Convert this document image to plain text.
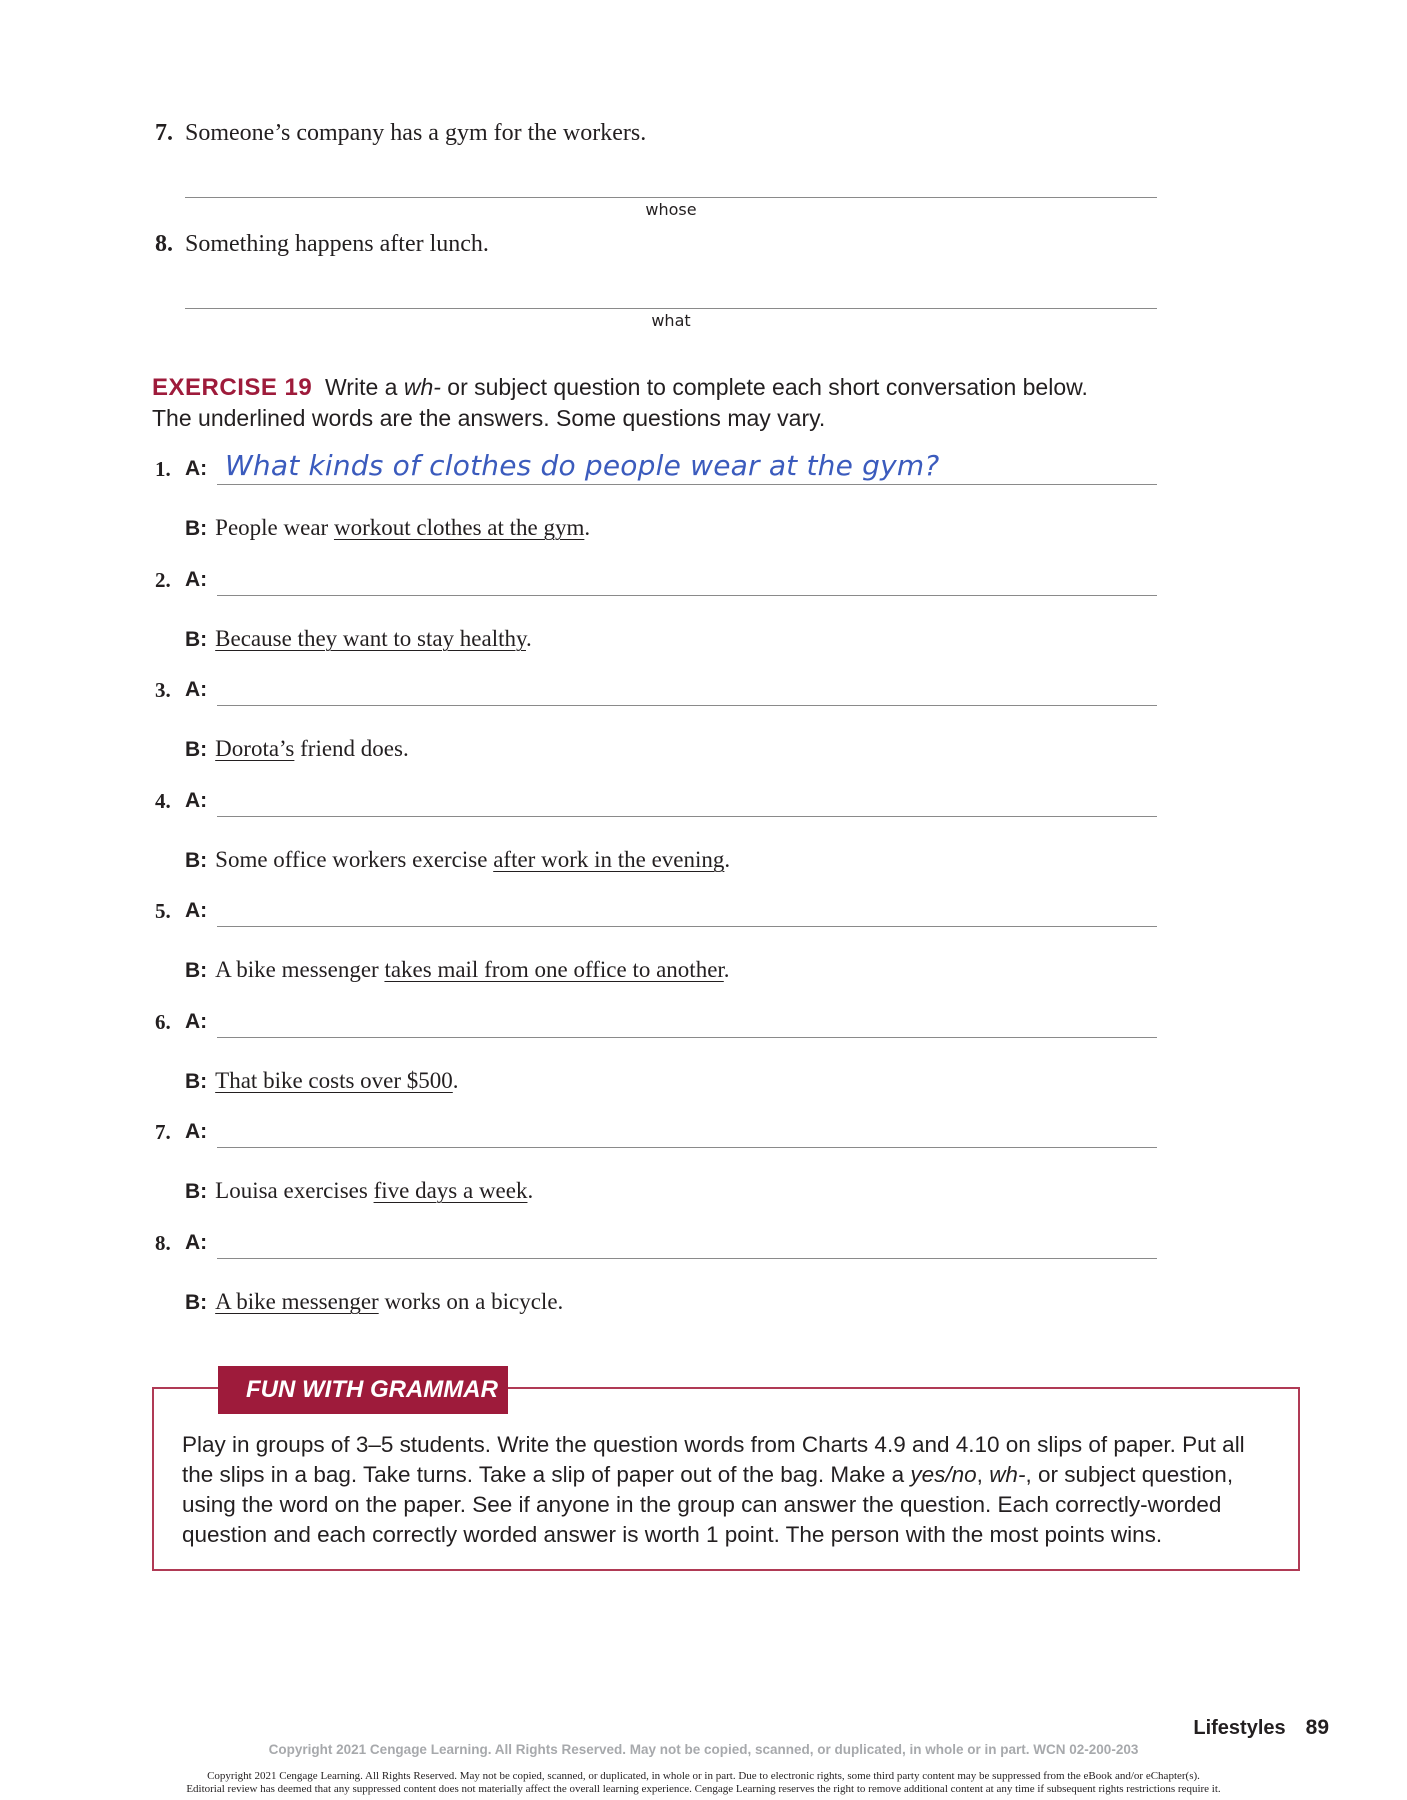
7. Someone’s company has a gym for the workers.
whose
8. Something happens after lunch.
what
EXERCISE 19 Write a wh- or subject question to complete each short conversation below.
The underlined words are the answers. Some questions may vary.
1. A: What kinds of clothes do people wear at the gym?
B: People wear workout clothes at the gym.
2. A:
B: Because they want to stay healthy.
3. A:
B: Dorota’s friend does.
4. A:
B: Some office workers exercise after work in the evening.
5. A:
B: A bike messenger takes mail from one office to another.
6. A:
B: That bike costs over $500.
7. A:
B: Louisa exercises five days a week.
8. A:
B: A bike messenger works on a bicycle.
FUN WITH GRAMMAR
Play in groups of 3–5 students. Write the question words from Charts 4.9 and 4.10 on slips of paper. Put all the slips in a bag. Take turns. Take a slip of paper out of the bag. Make a yes/no, wh-, or subject question, using the word on the paper. See if anyone in the group can answer the question. Each correctly-worded question and each correctly worded answer is worth 1 point. The person with the most points wins.
Lifestyles 89
Copyright 2021 Cengage Learning. All Rights Reserved. May not be copied, scanned, or duplicated, in whole or in part. WCN 02-200-203
Copyright 2021 Cengage Learning. All Rights Reserved. May not be copied, scanned, or duplicated, in whole or in part. Due to electronic rights, some third party content may be suppressed from the eBook and/or eChapter(s).
Editorial review has deemed that any suppressed content does not materially affect the overall learning experience. Cengage Learning reserves the right to remove additional content at any time if subsequent rights restrictions require it.
